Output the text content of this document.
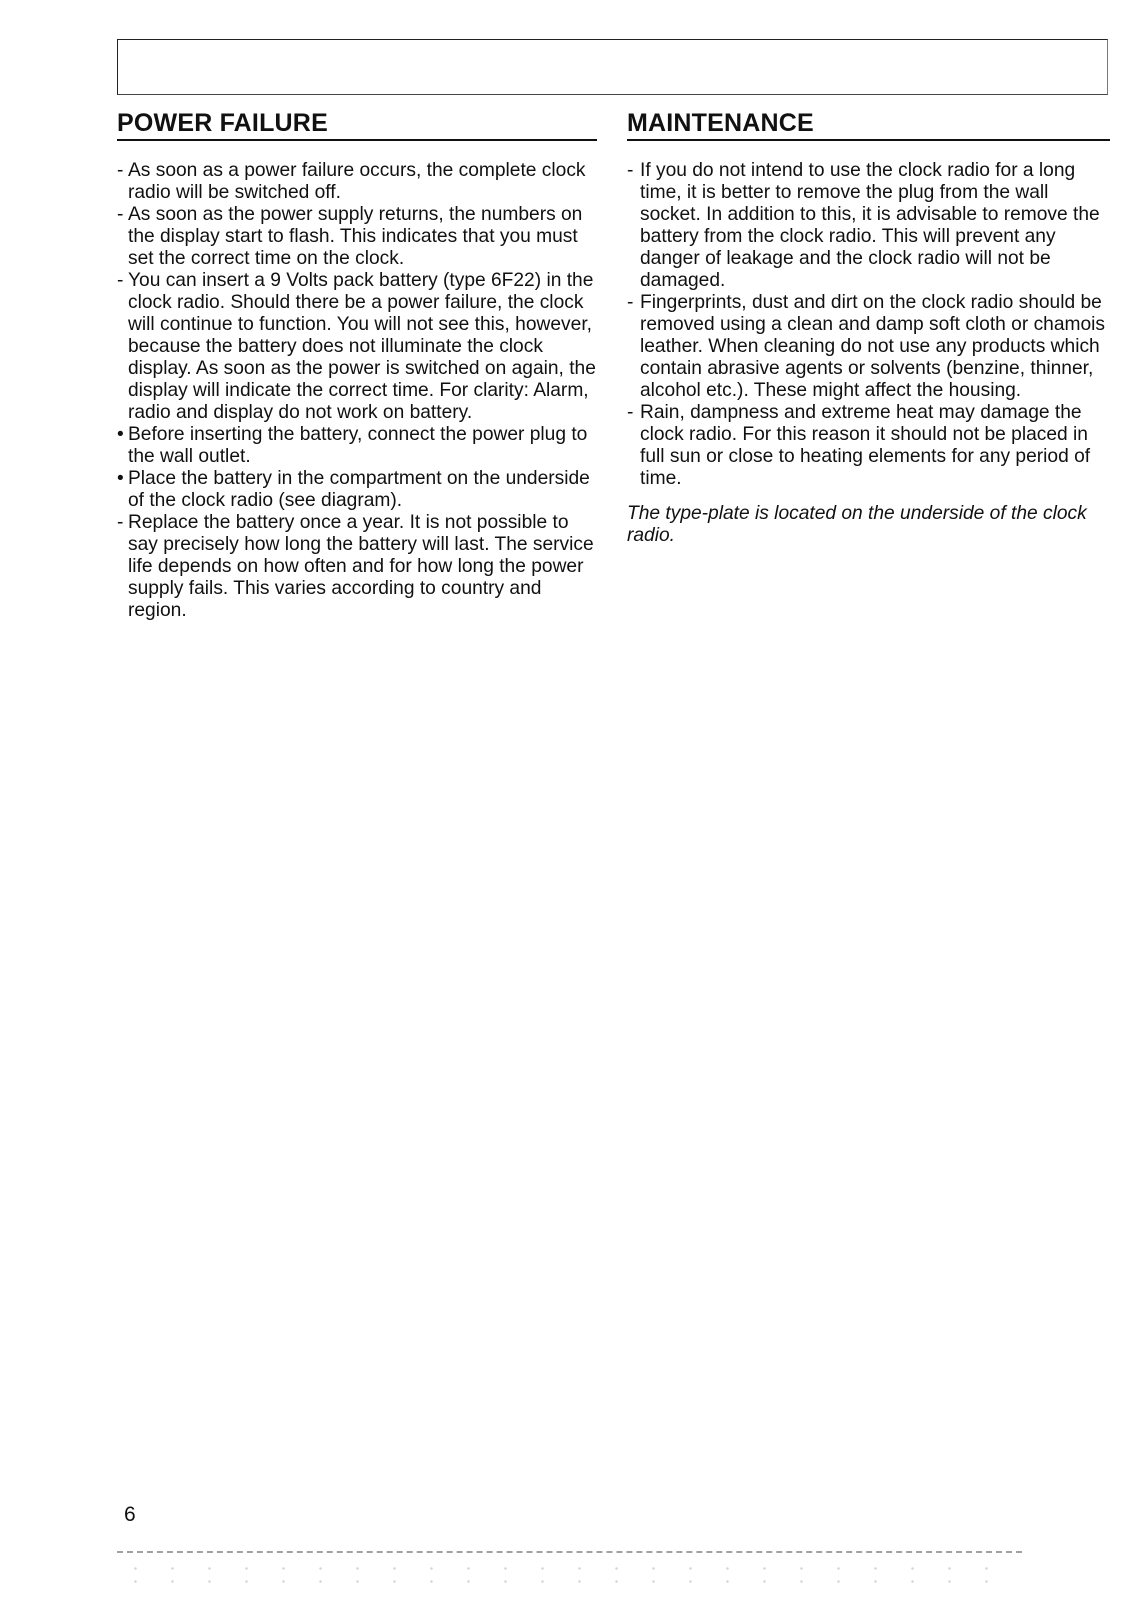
POWER FAILURE
- As soon as a power failure occurs, the complete clock radio will be switched off.
- As soon as the power supply returns, the numbers on the display start to flash. This indicates that you must set the correct time on the clock.
- You can insert a 9 Volts pack battery (type 6F22) in the clock radio. Should there be a power failure, the clock will continue to function. You will not see this, however, because the battery does not illuminate the clock display. As soon as the power is switched on again, the display will indicate the correct time. For clarity: Alarm, radio and display do not work on battery.
• Before inserting the battery, connect the power plug to the wall outlet.
• Place the battery in the compartment on the underside of the clock radio (see diagram).
- Replace the battery once a year. It is not possible to say precisely how long the battery will last. The service life depends on how often and for how long the power supply fails. This varies according to country and region.
MAINTENANCE
- If you do not intend to use the clock radio for a long time, it is better to remove the plug from the wall socket. In addition to this, it is advisable to remove the battery from the clock radio. This will prevent any danger of leakage and the clock radio will not be damaged.
- Fingerprints, dust and dirt on the clock radio should be removed using a clean and damp soft cloth or chamois leather. When cleaning do not use any products which contain abrasive agents or solvents (benzine, thinner, alcohol etc.). These might affect the housing.
- Rain, dampness and extreme heat may damage the clock radio. For this reason it should not be placed in full sun or close to heating elements for any period of time.

The type-plate is located on the underside of the clock radio.

6
